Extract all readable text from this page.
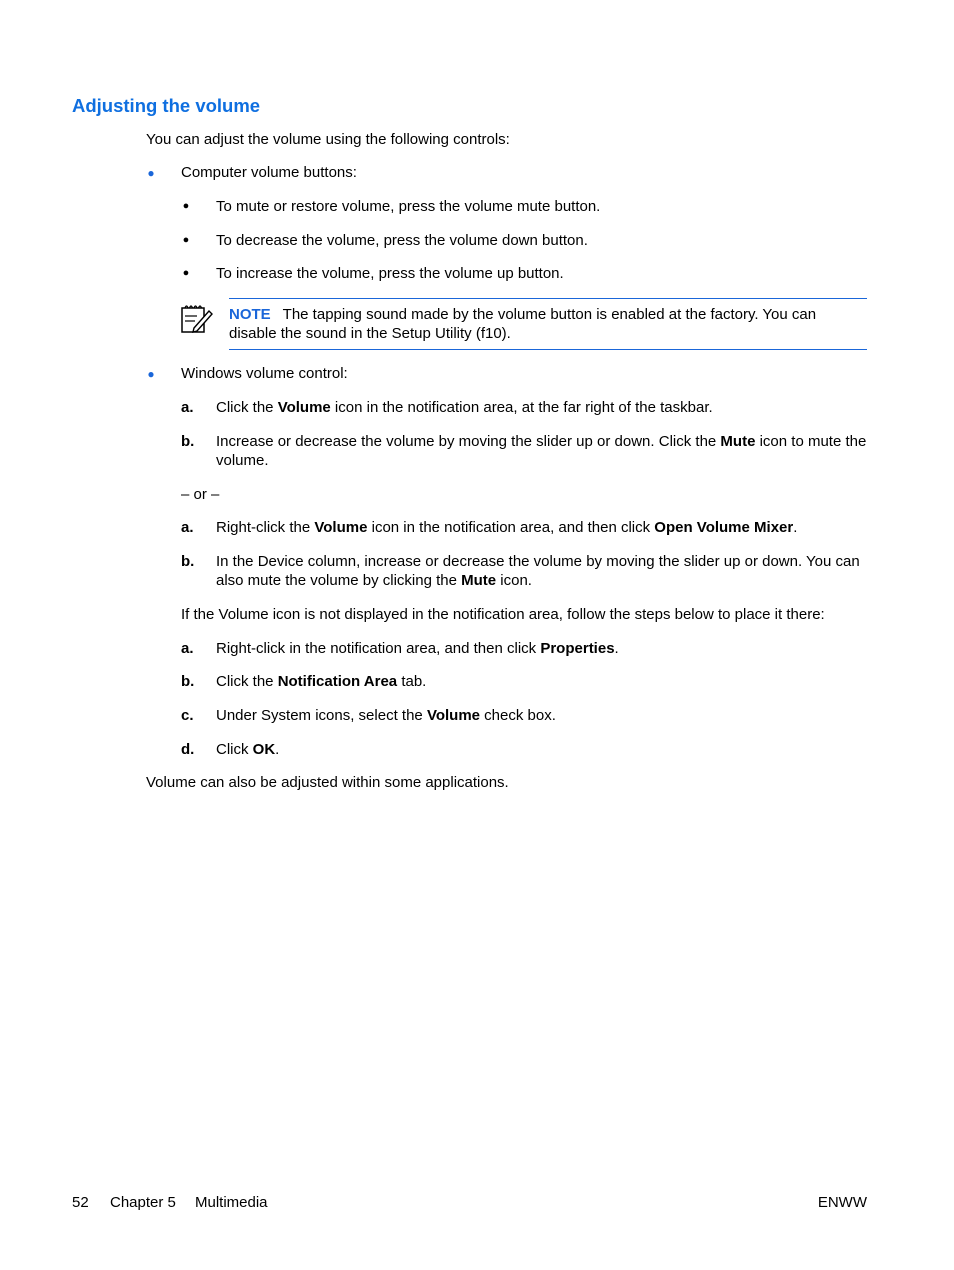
Adjusting the volume
You can adjust the volume using the following controls:
● Computer volume buttons:
● To mute or restore volume, press the volume mute button.
● To decrease the volume, press the volume down button.
● To increase the volume, press the volume up button.
NOTE The tapping sound made by the volume button is enabled at the factory. You can disable the sound in the Setup Utility (f10).
● Windows volume control:
a. Click the Volume icon in the notification area, at the far right of the taskbar.
b. Increase or decrease the volume by moving the slider up or down. Click the Mute icon to mute the volume.
– or –
a. Right-click the Volume icon in the notification area, and then click Open Volume Mixer.
b. In the Device column, increase or decrease the volume by moving the slider up or down. You can also mute the volume by clicking the Mute icon.
If the Volume icon is not displayed in the notification area, follow the steps below to place it there:
a. Right-click in the notification area, and then click Properties.
b. Click the Notification Area tab.
c. Under System icons, select the Volume check box.
d. Click OK.
Volume can also be adjusted within some applications.
52 Chapter 5 Multimedia	ENWW
